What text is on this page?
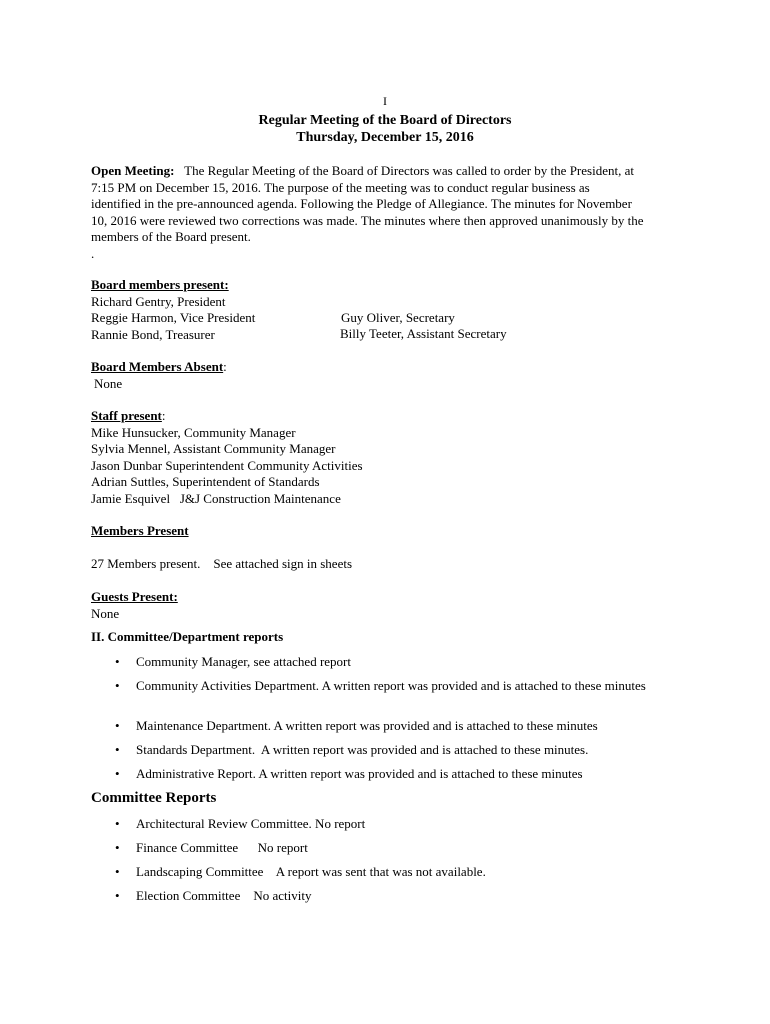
I
Regular Meeting of the Board of Directors
Thursday, December 15, 2016
Open Meeting: The Regular Meeting of the Board of Directors was called to order by the President, at
7:15 PM on December 15, 2016. The purpose of the meeting was to conduct regular business as
identified in the pre-announced agenda. Following the Pledge of Allegiance. The minutes for November
10, 2016 were reviewed two corrections was made. The minutes where then approved unanimously by the
members of the Board present.
.
Board members present:
Richard Gentry, President
Reggie Harmon, Vice President
Rannie Bond, Treasurer
Guy Oliver, Secretary
Billy Teeter, Assistant Secretary
Board Members Absent:
None
Staff present:
Mike Hunsucker, Community Manager
Sylvia Mennel, Assistant Community Manager
Jason Dunbar Superintendent Community Activities
Adrian Suttles, Superintendent of Standards
Jamie Esquivel   J&J Construction Maintenance
Members Present
27 Members present.    See attached sign in sheets
Guests Present:
None
II. Committee/Department reports
• Community Manager, see attached report
• Community Activities Department. A written report was provided and is attached to these minutes
• Maintenance Department. A written report was provided and is attached to these minutes
• Standards Department.  A written report was provided and is attached to these minutes.
• Administrative Report. A written report was provided and is attached to these minutes
Committee Reports
• Architectural Review Committee. No report
• Finance Committee      No report
• Landscaping Committee    A report was sent that was not available.
• Election Committee    No activity
